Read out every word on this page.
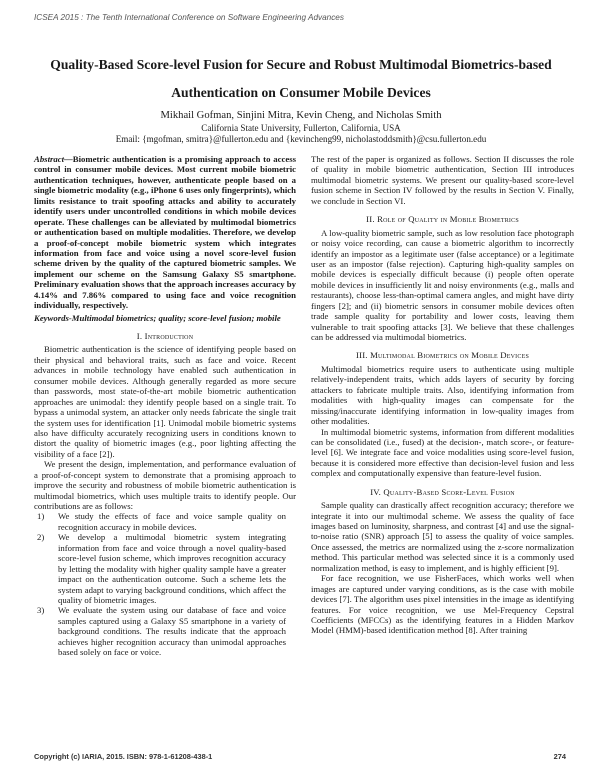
ICSEA 2015 : The Tenth International Conference on Software Engineering Advances
Quality-Based Score-level Fusion for Secure and Robust Multimodal Biometrics-based Authentication on Consumer Mobile Devices
Mikhail Gofman, Sinjini Mitra, Kevin Cheng, and Nicholas Smith
California State University, Fullerton, California, USA
Email: {mgofman, smitra}@fullerton.edu and {kevincheng99, nicholastoddsmith}@csu.fullerton.edu

Abstract—Biometric authentication is a promising approach to access control in consumer mobile devices. Most current mobile biometric authentication techniques, however, authenticate people based on a single biometric modality (e.g., iPhone 6 uses only fingerprints), which limits resistance to trait spoofing attacks and ability to accurately identify users under uncontrolled conditions in which mobile devices operate. These challenges can be alleviated by multimodal biometrics or authentication based on multiple modalities. Therefore, we develop a proof-of-concept mobile biometric system which integrates information from face and voice using a novel score-level fusion scheme driven by the quality of the captured biometric samples. We implement our scheme on the Samsung Galaxy S5 smartphone. Preliminary evaluation shows that the approach increases accuracy by 4.14% and 7.86% compared to using face and voice recognition individually, respectively.

Keywords-Multimodal biometrics; quality; score-level fusion; mobile

I. Introduction

Biometric authentication is the science of identifying people based on their physical and behavioral traits, such as face and voice. Recent advances in mobile technology have enabled such authentication in consumer mobile devices. Although generally regarded as more secure than passwords, most state-of-the-art mobile biometric authentication approaches are unimodal: they identify people based on a single trait. To bypass a unimodal system, an attacker only needs fabricate the single trait the system uses for identification [1]. Unimodal mobile biometric systems also have difficulty accurately recognizing users in conditions known to distort the quality of biometric images (e.g., poor lighting affecting the visibility of a face [2]).

We present the design, implementation, and performance evaluation of a proof-of-concept system to demonstrate that a promising approach to improve the security and robustness of mobile biometric authentication is multimodal biometrics, which uses multiple traits to identify people. Our contributions are as follows:

1) We study the effects of face and voice sample quality on recognition accuracy in mobile devices.
2) We develop a multimodal biometric system integrating information from face and voice through a novel quality-based score-level fusion scheme, which improves recognition accuracy by letting the modality with higher quality sample have a greater impact on the authentication outcome. Such a scheme lets the system adapt to varying background conditions, which affect the quality of biometric images.
3) We evaluate the system using our database of face and voice samples captured using a Galaxy S5 smartphone in a variety of background conditions. The results indicate that the approach achieves higher recognition accuracy than unimodal approaches based solely on face or voice.

The rest of the paper is organized as follows. Section II discusses the role of quality in mobile biometric authentication, Section III introduces multimodal biometric systems. We present our quality-based score-level fusion scheme in Section IV followed by the results in Section V. Finally, we conclude in Section VI.

II. Role of Quality in Mobile Biometrics

A low-quality biometric sample, such as low resolution face photograph or noisy voice recording, can cause a biometric algorithm to incorrectly identify an impostor as a legitimate user (false acceptance) or a legitimate user as an impostor (false rejection). Capturing high-quality samples on mobile devices is especially difficult because (i) people often operate mobile devices in insufficiently lit and noisy environments (e.g., malls and restaurants), choose less-than-optimal camera angles, and might have dirty fingers [2]; and (ii) biometric sensors in consumer mobile devices often trade sample quality for portability and lower costs, leaving them vulnerable to trait spoofing attacks [3]. We believe that these challenges can be addressed via multimodal biometrics.

III. Multimodal Biometrics on Mobile Devices

Multimodal biometrics require users to authenticate using multiple relatively-independent traits, which adds layers of security by forcing attackers to fabricate multiple traits. Also, identifying information from modalities with high-quality images can compensate for the missing/inaccurate identifying information in low-quality images from other modalities.

In multimodal biometric systems, information from different modalities can be consolidated (i.e., fused) at the decision-, match score-, or feature-level [6]. We integrate face and voice modalities using score-level fusion, because it is considered more effective than decision-level fusion and less complex and computationally expensive than feature-level fusion.

IV. Quality-Based Score-Level Fusion

Sample quality can drastically affect recognition accuracy; therefore we integrate it into our multimodal scheme. We assess the quality of face images based on luminosity, sharpness, and contrast [4] and use the signal-to-noise ratio (SNR) approach [5] to assess the quality of voice samples. Once assessed, the metrics are normalized using the z-score normalization method. This particular method was selected since it is a commonly used normalization method, is easy to implement, and is highly efficient [9].

For face recognition, we use FisherFaces, which works well when images are captured under varying conditions, as is the case with mobile devices [7]. The algorithm uses pixel intensities in the image as identifying features. For voice recognition, we use Mel-Frequency Cepstral Coefficients (MFCCs) as the identifying features in a Hidden Markov Model (HMM)-based identification method [8]. After training

Copyright (c) IARIA, 2015. ISBN: 978-1-61208-438-1	274
